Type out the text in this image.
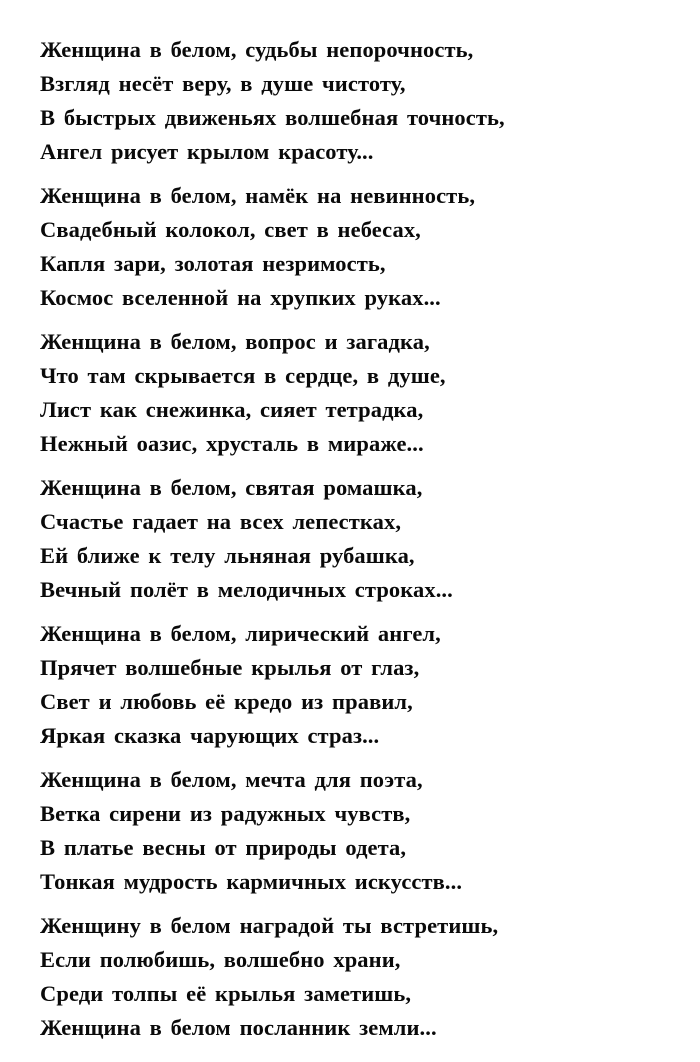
Женщина в белом, судьбы непорочность,
Взгляд несёт веру, в душе чистоту,
В быстрых движеньях волшебная точность,
Ангел рисует крылом красоту...
Женщина в белом, намёк на невинность,
Свадебный колокол, свет в небесах,
Капля зари, золотая незримость,
Космос вселенной на хрупких руках...
Женщина в белом, вопрос и загадка,
Что там скрывается в сердце, в душе,
Лист как снежинка, сияет тетрадка,
Нежный оазис, хрусталь в мираже...
Женщина в белом, святая ромашка,
Счастье гадает на всех лепестках,
Ей ближе к телу льняная рубашка,
Вечный полёт в мелодичных строках...
Женщина в белом, лирический ангел,
Прячет волшебные крылья от глаз,
Свет и любовь её кредо из правил,
Яркая сказка чарующих страз...
Женщина в белом, мечта для поэта,
Ветка сирени из радужных чувств,
В платье весны от природы одета,
Тонкая мудрость кармичных искусств...
Женщину в белом наградой ты встретишь,
Если полюбишь, волшебно храни,
Среди толпы её крылья заметишь,
Женщина в белом посланник земли...
